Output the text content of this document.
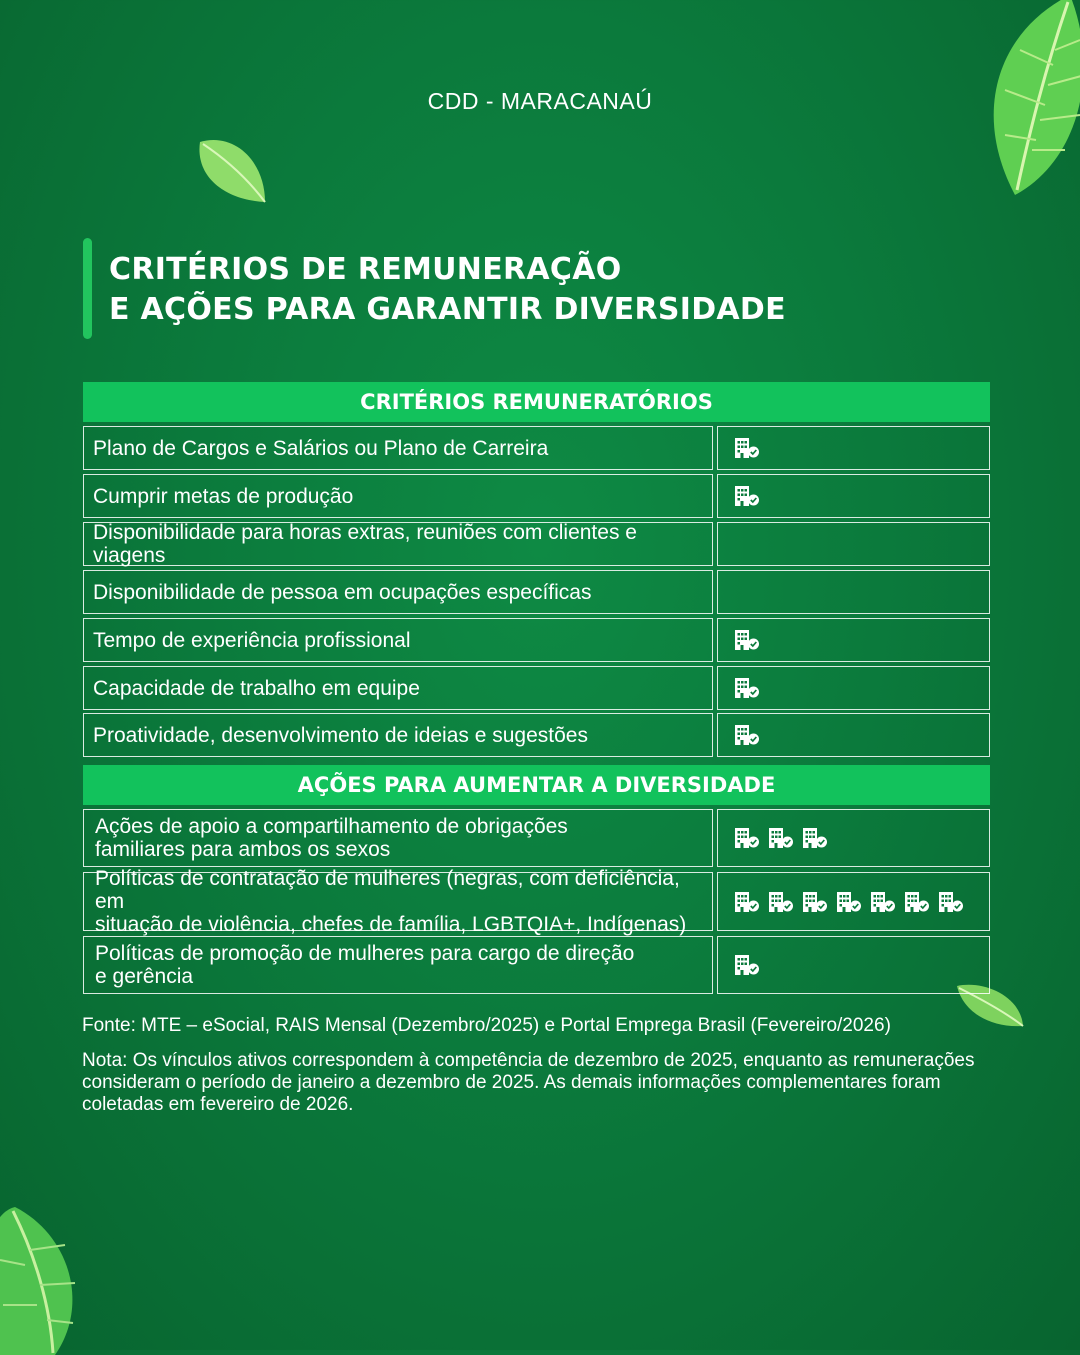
CDD - MARACANAÚ
CRITÉRIOS DE REMUNERAÇÃO
E AÇÕES PARA GARANTIR DIVERSIDADE
CRITÉRIOS REMUNERATÓRIOS
Plano de Cargos e Salários ou Plano de Carreira
Cumprir metas de produção
Disponibilidade para horas extras, reuniões com clientes e viagens
Disponibilidade de pessoa em ocupações específicas
Tempo de experiência profissional
Capacidade de trabalho em equipe
Proatividade, desenvolvimento de ideias e sugestões
AÇÕES PARA AUMENTAR A DIVERSIDADE
Ações de apoio a compartilhamento de obrigações
familiares para ambos os sexos
Políticas de contratação de mulheres (negras, com deficiência, em
situação de violência, chefes de família, LGBTQIA+, Indígenas)
Políticas de promoção de mulheres para cargo de direção
e gerência
Fonte: MTE – eSocial, RAIS Mensal (Dezembro/2025) e Portal Emprega Brasil (Fevereiro/2026)
Nota: Os vínculos ativos correspondem à competência de dezembro de 2025, enquanto as remunerações consideram o período de janeiro a dezembro de 2025. As demais informações complementares foram coletadas em fevereiro de 2026.
